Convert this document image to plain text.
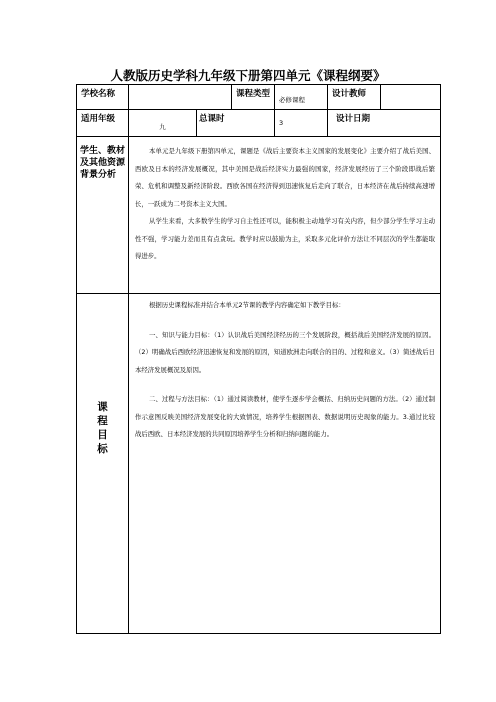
人教版历史学科九年级下册第四单元《课程纲要》
学校名称			课程类型	必修课程	设计教师	
适用年级	九	总课时		3	设计日期	
学生、教材及其他资源背景分析	本单元是九年级下册第四单元，课题是《战后主要资本主义国家的发展变化》主要介绍了战后美国、西欧及日本的经济发展概况，其中美国是战后经济实力最强的国家，经济发展经历了三个阶段即战后繁荣、危机和调整及新经济阶段。西欧各国在经济得到迅速恢复后走向了联合，日本经济在战后持续高速增长，一跃成为二号资本主义大国。

从学生来看，大多数学生的学习自主性还可以，能积极主动地学习有关内容，但少部分学生学习主动性不强，学习能力差而且有点贪玩。教学时应以鼓励为主，采取多元化评价方法让不同层次的学生都能取得进步。					

课程目标	根据历史课程标准并结合本单元2节课的教学内容确定如下教学目标：

一、知识与能力目标：（1）认识战后美国经济经历的三个发展阶段，概括战后美国经济发展的原因。（2）明确战后西欧经济迅速恢复和发展的原因，知道欧洲走向联合的目的、过程和意义。（3）简述战后日本经济发展概况及原因。

二、过程与方法目标：（1）通过阅读教材，使学生逐步学会概括、归纳历史问题的方法。（2）通过制作示意图反映美国经济发展变化的大致情况，培养学生根据图表、数据说明历史现象的能力。3.通过比较战后西欧、日本经济发展的共同原因培养学生分析和归纳问题的能力。					
